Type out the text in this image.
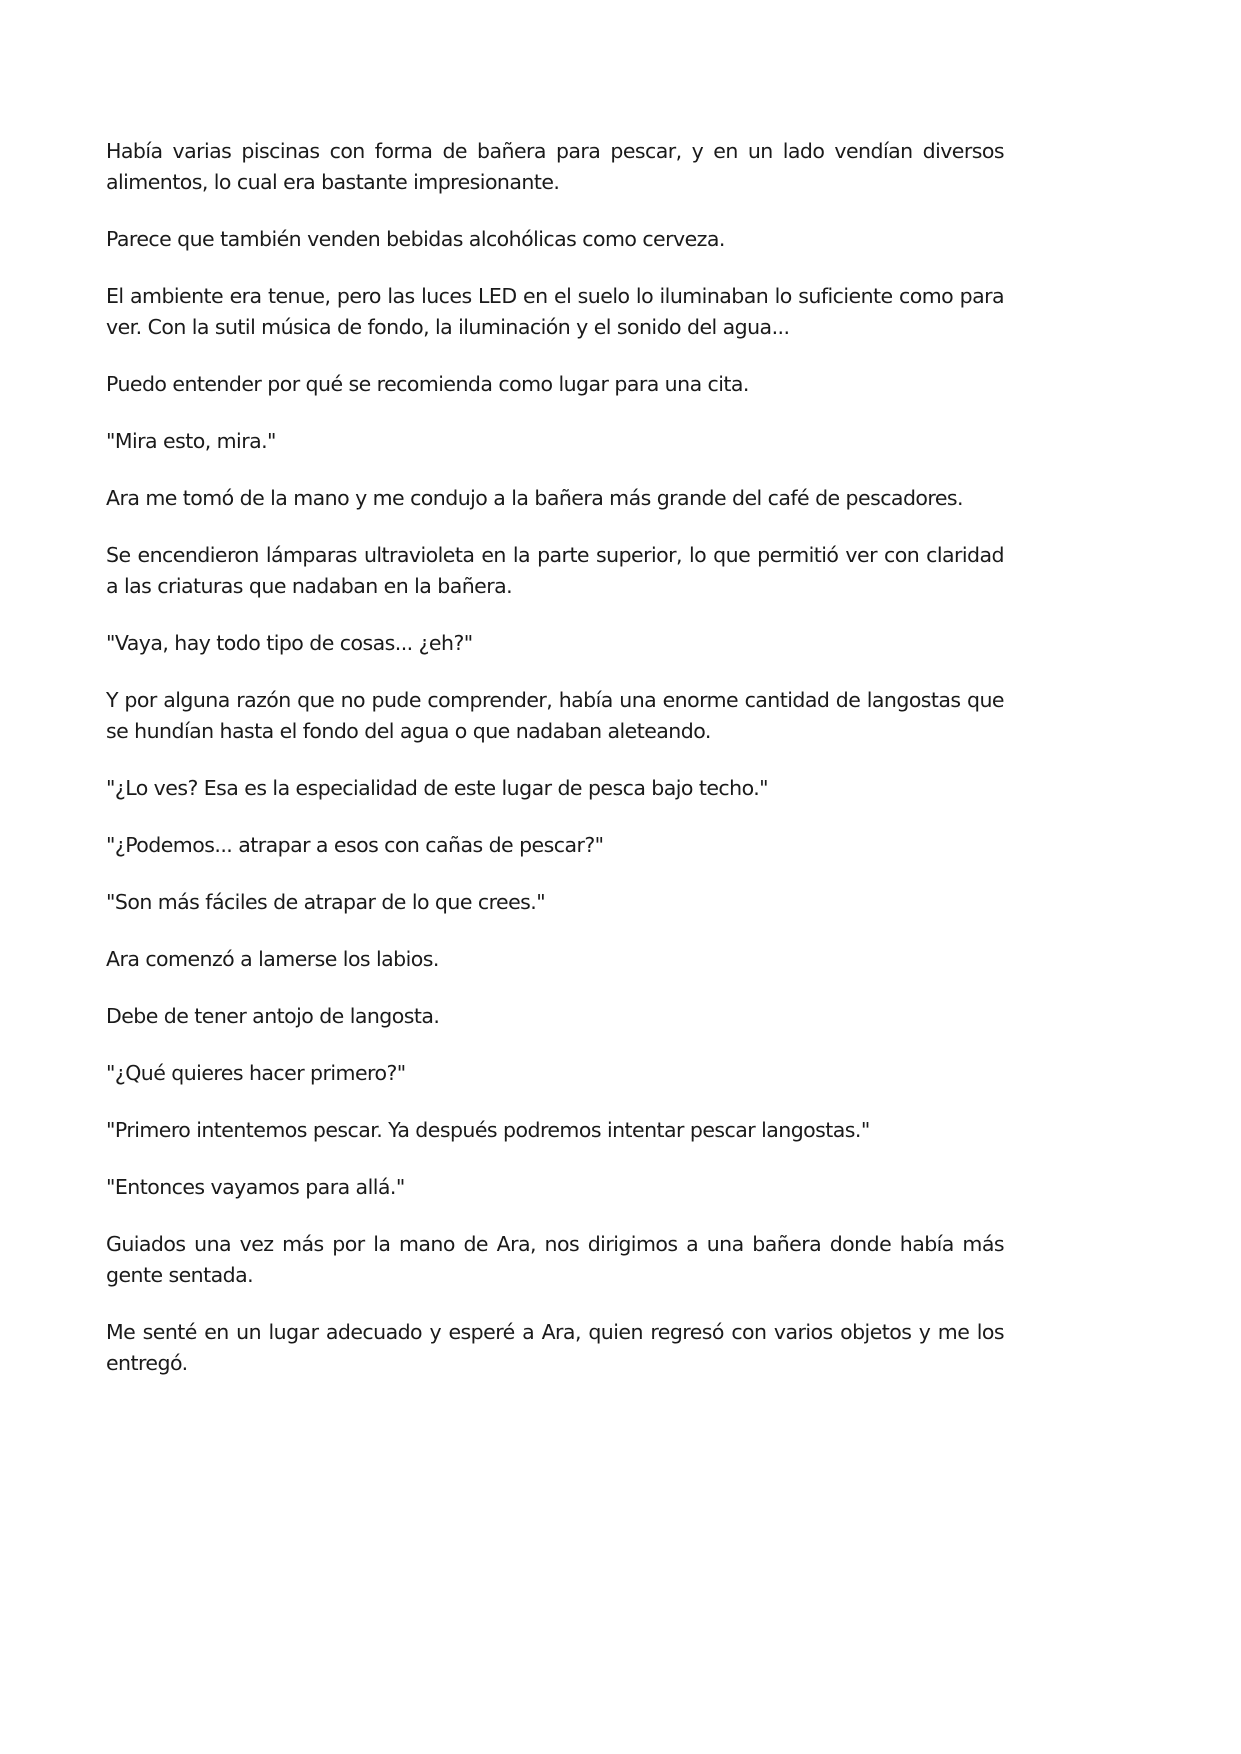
Había varias piscinas con forma de bañera para pescar, y en un lado vendían diversos alimentos, lo cual era bastante impresionante.

Parece que también venden bebidas alcohólicas como cerveza.

El ambiente era tenue, pero las luces LED en el suelo lo iluminaban lo suficiente como para ver. Con la sutil música de fondo, la iluminación y el sonido del agua...

Puedo entender por qué se recomienda como lugar para una cita.

"Mira esto, mira."

Ara me tomó de la mano y me condujo a la bañera más grande del café de pescadores.

Se encendieron lámparas ultravioleta en la parte superior, lo que permitió ver con claridad a las criaturas que nadaban en la bañera.

"Vaya, hay todo tipo de cosas... ¿eh?"

Y por alguna razón que no pude comprender, había una enorme cantidad de langostas que se hundían hasta el fondo del agua o que nadaban aleteando.

"¿Lo ves? Esa es la especialidad de este lugar de pesca bajo techo."

"¿Podemos... atrapar a esos con cañas de pescar?"

"Son más fáciles de atrapar de lo que crees."

Ara comenzó a lamerse los labios.

Debe de tener antojo de langosta.

"¿Qué quieres hacer primero?"

"Primero intentemos pescar. Ya después podremos intentar pescar langostas."

"Entonces vayamos para allá."

Guiados una vez más por la mano de Ara, nos dirigimos a una bañera donde había más gente sentada.

Me senté en un lugar adecuado y esperé a Ara, quien regresó con varios objetos y me los entregó.
